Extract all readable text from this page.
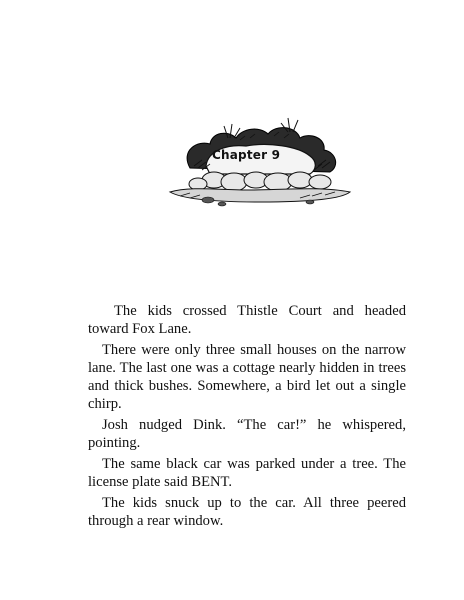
Chapter 9

The kids crossed Thistle Court and headed toward Fox Lane.

There were only three small houses on the narrow lane. The last one was a cottage nearly hidden in trees and thick bushes. Somewhere, a bird let out a single chirp.

Josh nudged Dink. “The car!” he whispered, pointing.

The same black car was parked under a tree. The license plate said BENT.

The kids snuck up to the car. All three peered through a rear window.
